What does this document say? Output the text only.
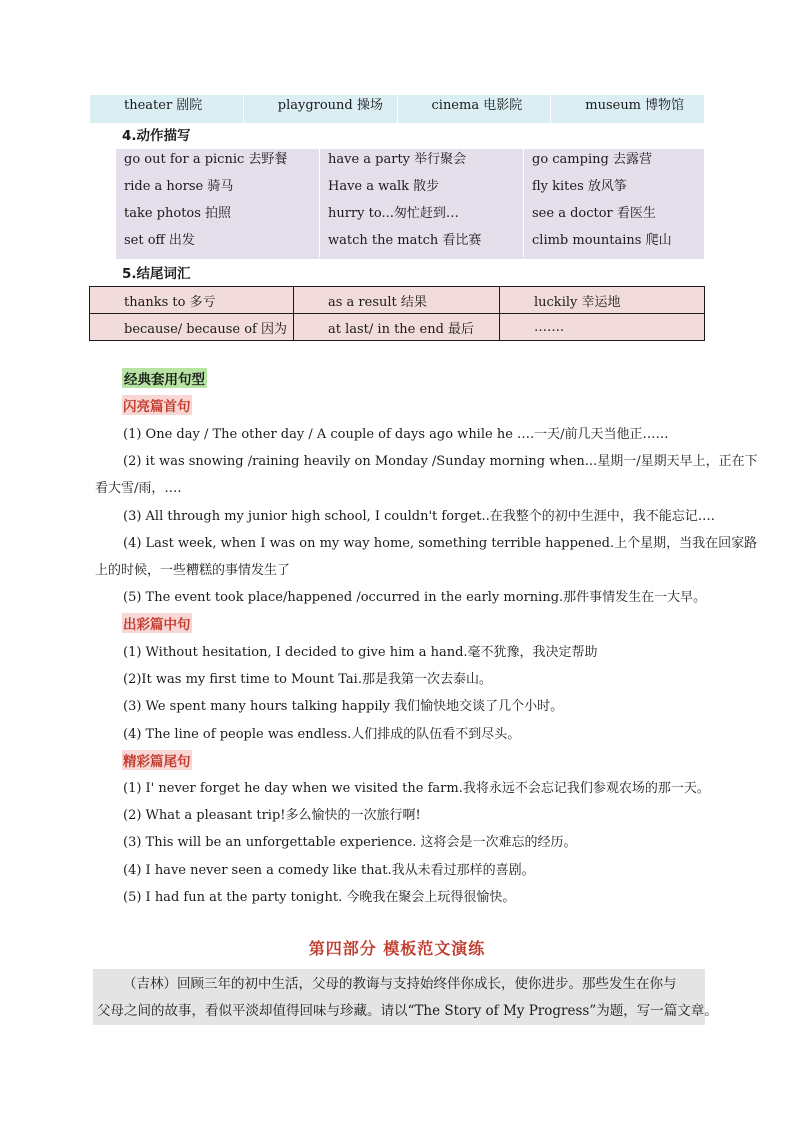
theater 剧院	playground 操场	cinema 电影院	museum 博物馆
4.动作描写
go out for a picnic 去野餐	have a party 举行聚会	go camping 去露营
ride a horse 骑马	Have a walk 散步	fly kites 放风筝
take photos 拍照	hurry to...匆忙赶到…	see a doctor 看医生
set off 出发	watch the match 看比赛	climb mountains 爬山
5.结尾词汇
thanks to 多亏	as a result 结果	luckily 幸运地
because/ because of 因为	at last/ in the end 最后	…….
经典套用句型
闪亮篇首句
(1) One day / The other day / A couple of days ago while he ….一天/前几天当他正……
(2) it was snowing /raining heavily on Monday /Sunday morning when...星期一/星期天早上，正在下
看大雪/雨，….
(3) All through my junior high school, I couldn't forget..在我整个的初中生涯中，我不能忘记….
(4) Last week, when I was on my way home, something terrible happened.上个星期，当我在回家路
上的时候，一些糟糕的事情发生了
(5) The event took place/happened /occurred in the early morning.那件事情发生在一大早。
出彩篇中句
(1) Without hesitation, I decided to give him a hand.毫不犹豫，我决定帮助
(2)It was my first time to Mount Tai.那是我第一次去泰山。
(3) We spent many hours talking happily 我们愉快地交谈了几个小时。
(4) The line of people was endless.人们排成的队伍看不到尽头。
精彩篇尾句
(1) I' never forget he day when we visited the farm.我将永远不会忘记我们参观农场的那一天。
(2) What a pleasant trip!多么愉快的一次旅行啊!
(3) This will be an unforgettable experience. 这将会是一次难忘的经历。
(4) I have never seen a comedy like that.我从未看过那样的喜剧。
(5) I had fun at the party tonight. 今晚我在聚会上玩得很愉快。
第四部分 模板范文演练
（吉林）回顾三年的初中生活，父母的教诲与支持始终伴你成长，使你进步。那些发生在你与
父母之间的故事，看似平淡却值得回味与珍藏。请以“The Story of My Progress”为题，写一篇文章。
